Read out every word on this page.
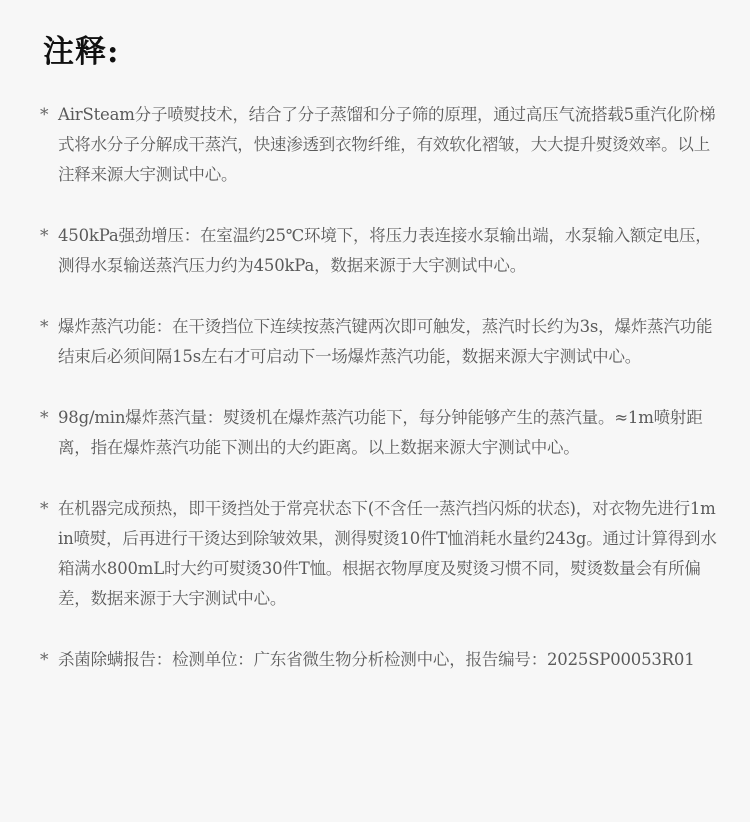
注释:
* AirSteam分子喷熨技术，结合了分子蒸馏和分子筛的原理，通过高压气流搭载5重汽化阶梯式将水分子分解成干蒸汽，快速渗透到衣物纤维，有效软化褶皱，大大提升熨烫效率。以上注释来源大宇测试中心。
* 450kPa强劲增压：在室温约25℃环境下，将压力表连接水泵输出端，水泵输入额定电压，测得水泵输送蒸汽压力约为450kPa，数据来源于大宇测试中心。
* 爆炸蒸汽功能：在干烫挡位下连续按蒸汽键两次即可触发，蒸汽时长约为3s，爆炸蒸汽功能结束后必须间隔15s左右才可启动下一场爆炸蒸汽功能，数据来源大宇测试中心。
* 98g/min爆炸蒸汽量：熨烫机在爆炸蒸汽功能下，每分钟能够产生的蒸汽量。≈1m喷射距离，指在爆炸蒸汽功能下测出的大约距离。以上数据来源大宇测试中心。
* 在机器完成预热，即干烫挡处于常亮状态下(不含任一蒸汽挡闪烁的状态)，对衣物先进行1min喷熨，后再进行干烫达到除皱效果，测得熨烫10件T恤消耗水量约243g。通过计算得到水箱满水800mL时大约可熨烫30件T恤。根据衣物厚度及熨烫习惯不同，熨烫数量会有所偏差，数据来源于大宇测试中心。
* 杀菌除螨报告：检测单位：广东省微生物分析检测中心，报告编号：2025SP00053R01
